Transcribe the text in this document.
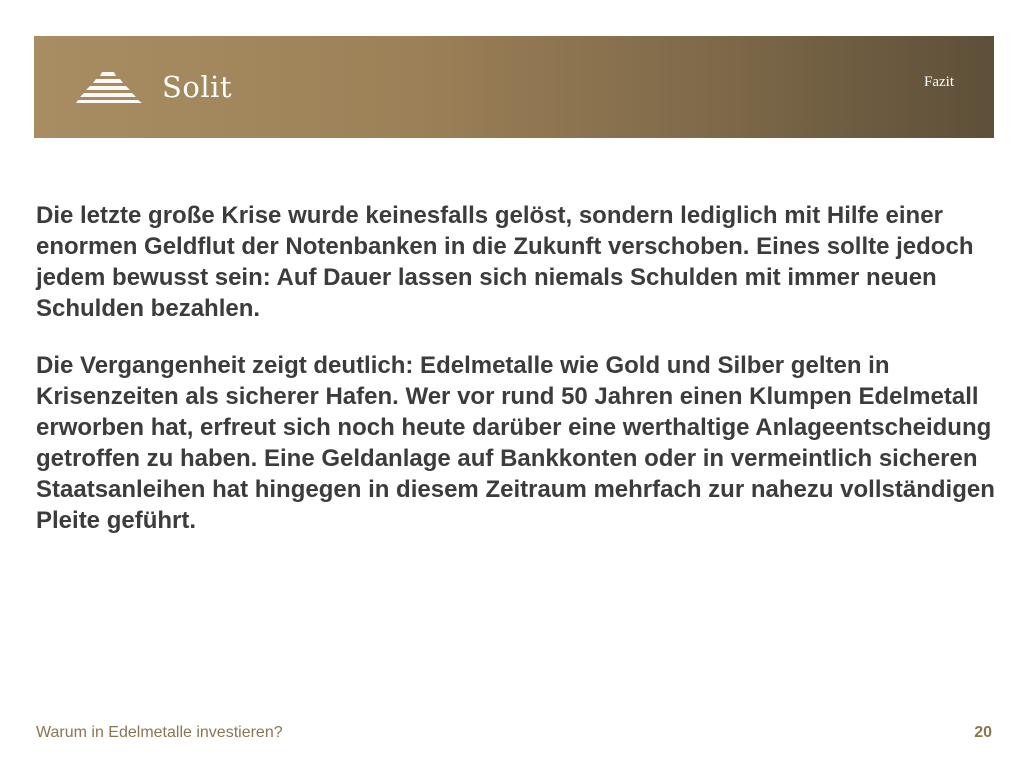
Solit	Fazit

Die letzte große Krise wurde keinesfalls gelöst, sondern lediglich mit Hilfe einer enormen Geldflut der Notenbanken in die Zukunft verschoben. Eines sollte jedoch jedem bewusst sein: Auf Dauer lassen sich niemals Schulden mit immer neuen Schulden bezahlen.

Die Vergangenheit zeigt deutlich: Edelmetalle wie Gold und Silber gelten in Krisenzeiten als sicherer Hafen. Wer vor rund 50 Jahren einen Klumpen Edelmetall erworben hat, erfreut sich noch heute darüber eine werthaltige Anlageentscheidung getroffen zu haben. Eine Geldanlage auf Bankkonten oder in vermeintlich sicheren Staatsanleihen hat hingegen in diesem Zeitraum mehrfach zur nahezu vollständigen Pleite geführt.

Warum in Edelmetalle investieren?	20
